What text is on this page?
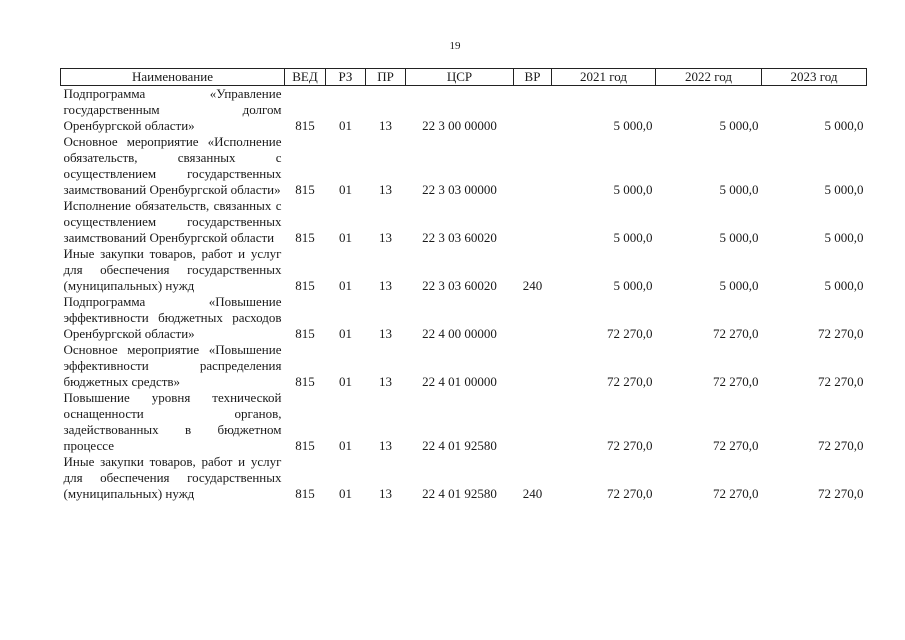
19
Наименование	ВЕД	РЗ	ПР	ЦСР	ВР	2021 год	2022 год	2023 год
Подпрограмма «Управление государственным долгом Оренбургской области»	815	01	13	22 3 00 00000		5 000,0	5 000,0	5 000,0
Основное мероприятие «Исполнение обязательств, связанных с осуществлением государственных заимствований Оренбургской области»	815	01	13	22 3 03 00000		5 000,0	5 000,0	5 000,0
Исполнение обязательств, связанных с осуществлением государственных заимствований Оренбургской области	815	01	13	22 3 03 60020		5 000,0	5 000,0	5 000,0
Иные закупки товаров, работ и услуг для обеспечения государственных (муниципальных) нужд	815	01	13	22 3 03 60020	240	5 000,0	5 000,0	5 000,0
Подпрограмма «Повышение эффективности бюджетных расходов Оренбургской области»	815	01	13	22 4 00 00000		72 270,0	72 270,0	72 270,0
Основное мероприятие «Повышение эффективности распределения бюджетных средств»	815	01	13	22 4 01 00000		72 270,0	72 270,0	72 270,0
Повышение уровня технической оснащенности органов, задействованных в бюджетном процессе	815	01	13	22 4 01 92580		72 270,0	72 270,0	72 270,0
Иные закупки товаров, работ и услуг для обеспечения государственных (муниципальных) нужд	815	01	13	22 4 01 92580	240	72 270,0	72 270,0	72 270,0
